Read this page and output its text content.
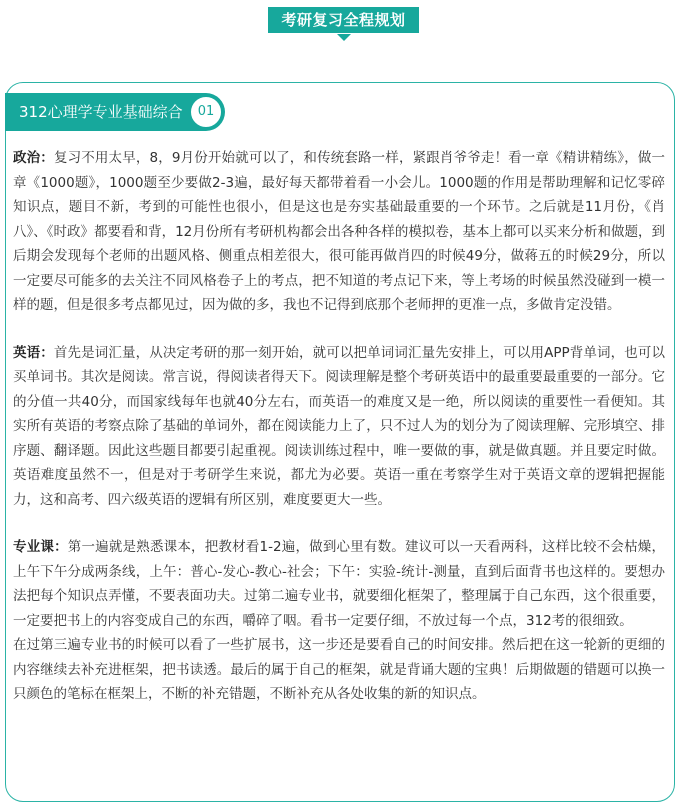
考研复习全程规划
312心理学专业基础综合	01

政治：复习不用太早，8，9月份开始就可以了，和传统套路一样，紧跟肖爷爷走！看一章《精讲精练》，做一章《1000题》，1000题至少要做2-3遍，最好每天都带着看一小会儿。1000题的作用是帮助理解和记忆零碎知识点，题目不新，考到的可能性也很小，但是这也是夯实基础最重要的一个环节。之后就是11月份，《肖八》、《时政》都要看和背，12月份所有考研机构都会出各种各样的模拟卷，基本上都可以买来分析和做题，到后期会发现每个老师的出题风格、侧重点相差很大，很可能再做肖四的时候49分，做蒋五的时候29分，所以一定要尽可能多的去关注不同风格卷子上的考点，把不知道的考点记下来，等上考场的时候虽然没碰到一模一样的题，但是很多考点都见过，因为做的多，我也不记得到底那个老师押的更准一点，多做肯定没错。

英语：首先是词汇量，从决定考研的那一刻开始，就可以把单词词汇量先安排上，可以用APP背单词，也可以买单词书。其次是阅读。常言说，得阅读者得天下。阅读理解是整个考研英语中的最重要最重要的一部分。它的分值一共40分，而国家线每年也就40分左右，而英语一的难度又是一绝，所以阅读的重要性一看便知。其实所有英语的考察点除了基础的单词外，都在阅读能力上了，只不过人为的划分为了阅读理解、完形填空、排序题、翻译题。因此这些题目都要引起重视。阅读训练过程中，唯一要做的事，就是做真题。并且要定时做。英语难度虽然不一，但是对于考研学生来说，都尤为必要。英语一重在考察学生对于英语文章的逻辑把握能力，这和高考、四六级英语的逻辑有所区别，难度要更大一些。

专业课：第一遍就是熟悉课本，把教材看1-2遍，做到心里有数。建议可以一天看两科，这样比较不会枯燥，上午下午分成两条线，上午：普心-发心-教心-社会；下午：实验-统计-测量，直到后面背书也这样的。要想办法把每个知识点弄懂，不要表面功夫。过第二遍专业书，就要细化框架了，整理属于自己东西，这个很重要，一定要把书上的内容变成自己的东西，嚼碎了咽。看书一定要仔细，不放过每一个点，312考的很细致。

在过第三遍专业书的时候可以看了一些扩展书，这一步还是要看自己的时间安排。然后把在这一轮新的更细的内容继续去补充进框架，把书读透。最后的属于自己的框架，就是背诵大题的宝典！后期做题的错题可以换一只颜色的笔标在框架上，不断的补充错题，不断补充从各处收集的新的知识点。
